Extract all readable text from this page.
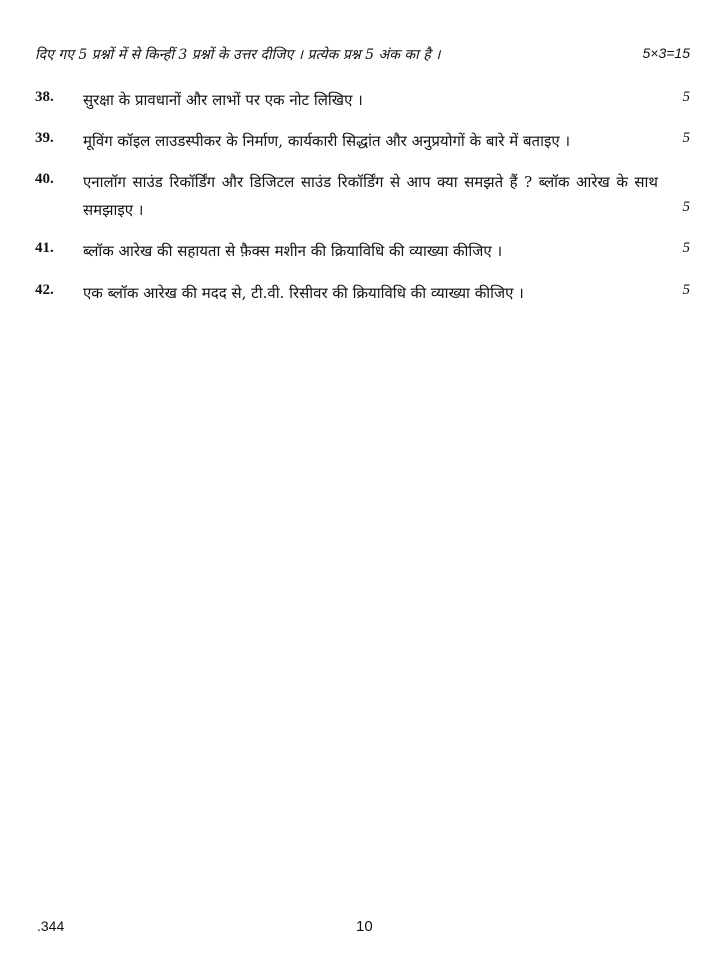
दिए गए 5 प्रश्नों में से किन्हीं 3 प्रश्नों के उत्तर दीजिए । प्रत्येक प्रश्न 5 अंक का है ।	5×3=15
38. सुरक्षा के प्रावधानों और लाभों पर एक नोट लिखिए ।	5
39. मूविंग कॉइल लाउडस्पीकर के निर्माण, कार्यकारी सिद्धांत और अनुप्रयोगों के बारे में बताइए ।	5
40. एनालॉग साउंड रिकॉर्डिंग और डिजिटल साउंड रिकॉर्डिंग से आप क्या समझते हैं ? ब्लॉक आरेख के साथ समझाइए ।	5
41. ब्लॉक आरेख की सहायता से फ़ैक्स मशीन की क्रियाविधि की व्याख्या कीजिए ।	5
42. एक ब्लॉक आरेख की मदद से, टी.वी. रिसीवर की क्रियाविधि की व्याख्या कीजिए ।	5
.344	10
